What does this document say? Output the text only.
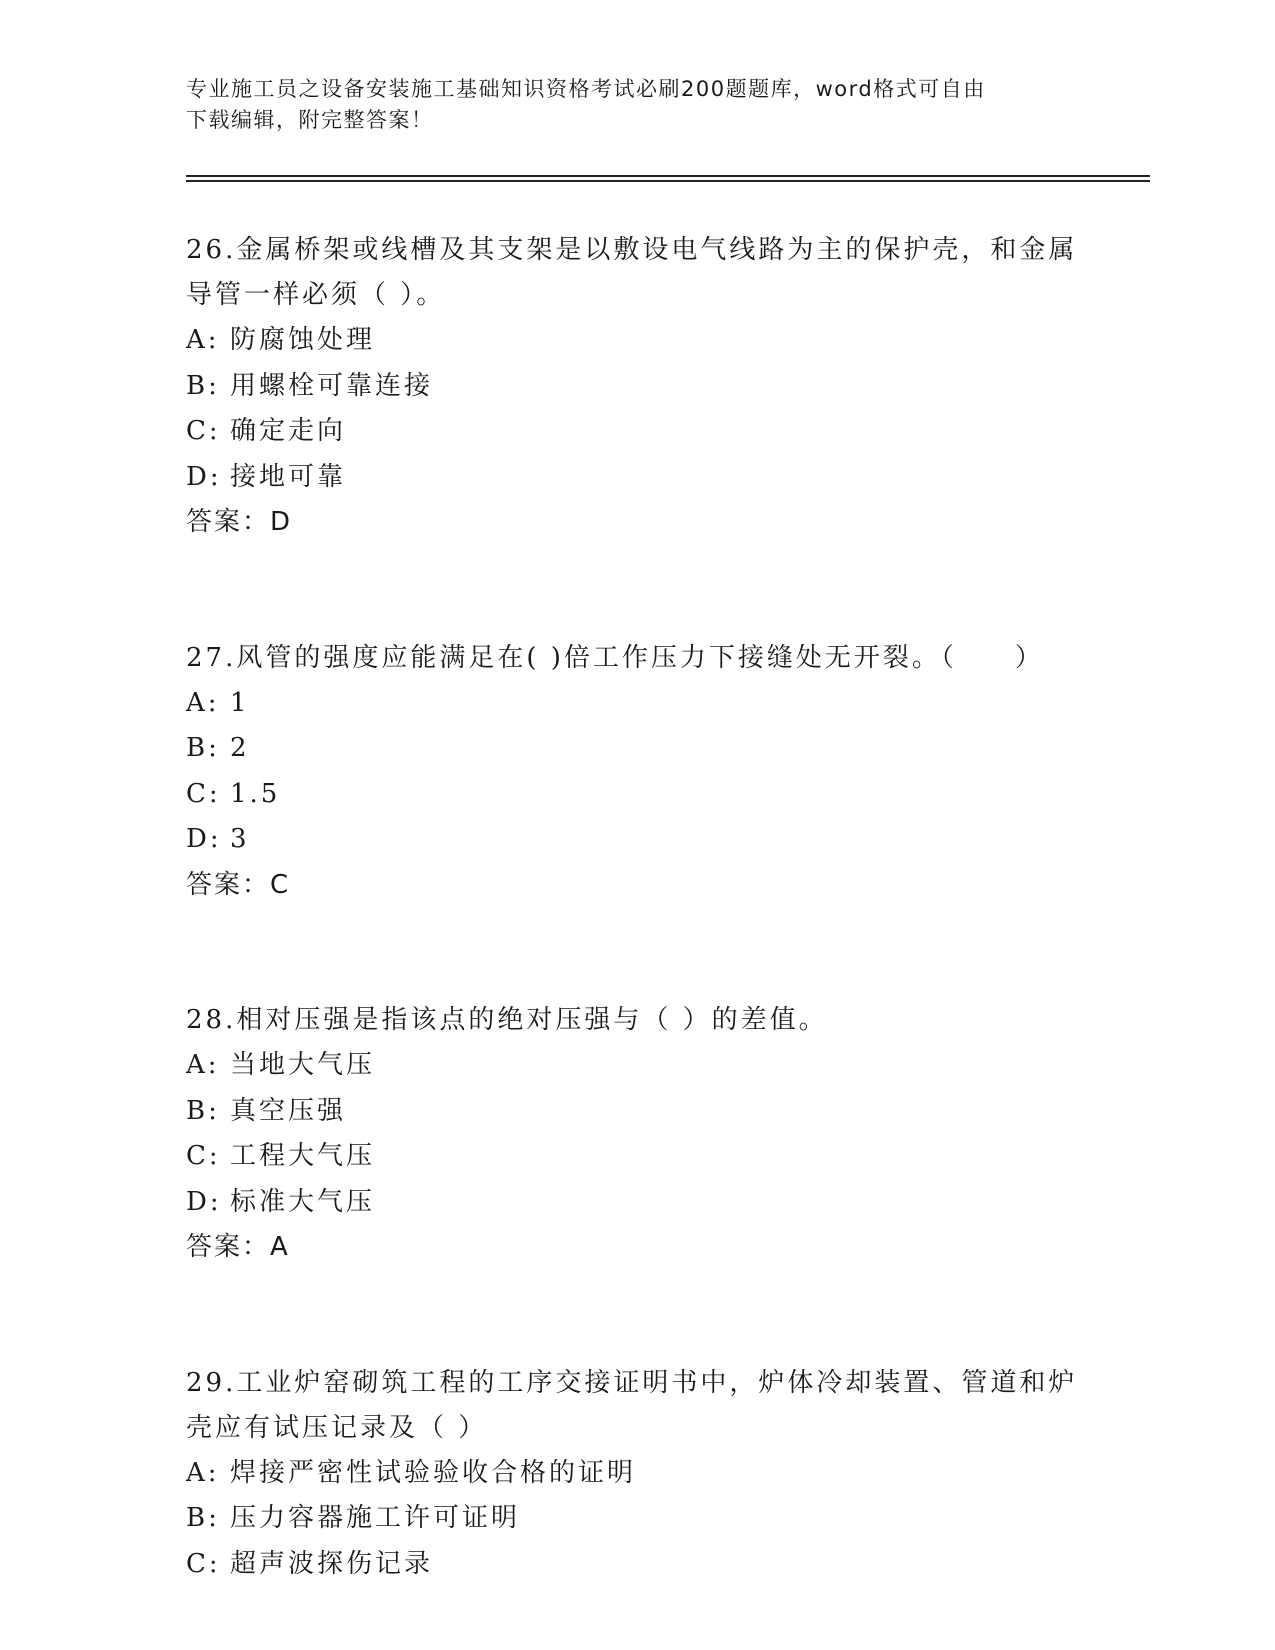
专业施工员之设备安装施工基础知识资格考试必刷200题题库，word格式可自由
下载编辑，附完整答案！

26.金属桥架或线槽及其支架是以敷设电气线路为主的保护壳，和金属
导管一样必须（ ）。

A: 防腐蚀处理

B: 用螺栓可靠连接

C: 确定走向

D: 接地可靠

答案：D

27.风管的强度应能满足在( )倍工作压力下接缝处无开裂。（　　）

A: 1

B: 2

C: 1.5

D: 3

答案：C

28.相对压强是指该点的绝对压强与（ ）的差值。

A: 当地大气压

B: 真空压强

C: 工程大气压

D: 标准大气压

答案：A

29.工业炉窑砌筑工程的工序交接证明书中，炉体冷却装置、管道和炉
壳应有试压记录及（ ）

A: 焊接严密性试验验收合格的证明

B: 压力容器施工许可证明

C: 超声波探伤记录
